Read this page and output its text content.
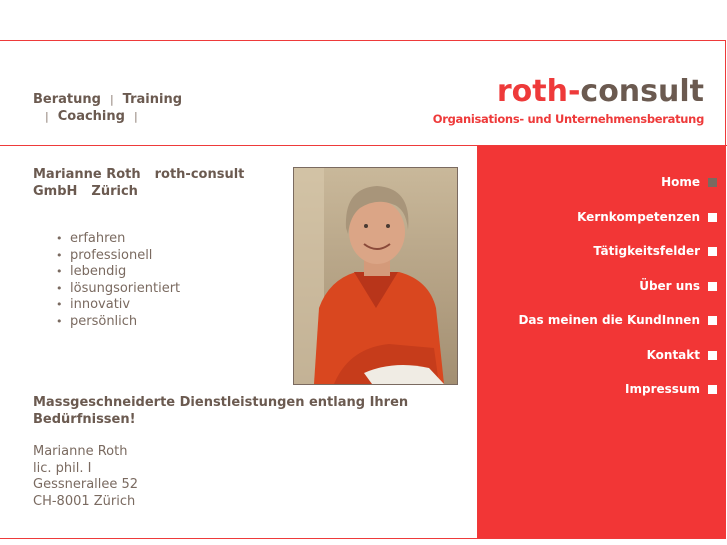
Beratung | Training
| Coaching |
roth-consult
Organisations- und Unternehmensberatung
Marianne Roth roth-consult
GmbH Zürich
• erfahren
• professionell
• lebendig
• lösungsorientiert
• innovativ
• persönlich
Massgeschneiderte Dienstleistungen entlang Ihren Bedürfnissen!
Marianne Roth
lic. phil. I
Gessnerallee 52
CH-8001 Zürich
Home
Kernkompetenzen
Tätigkeitsfelder
Über uns
Das meinen die KundInnen
Kontakt
Impressum
